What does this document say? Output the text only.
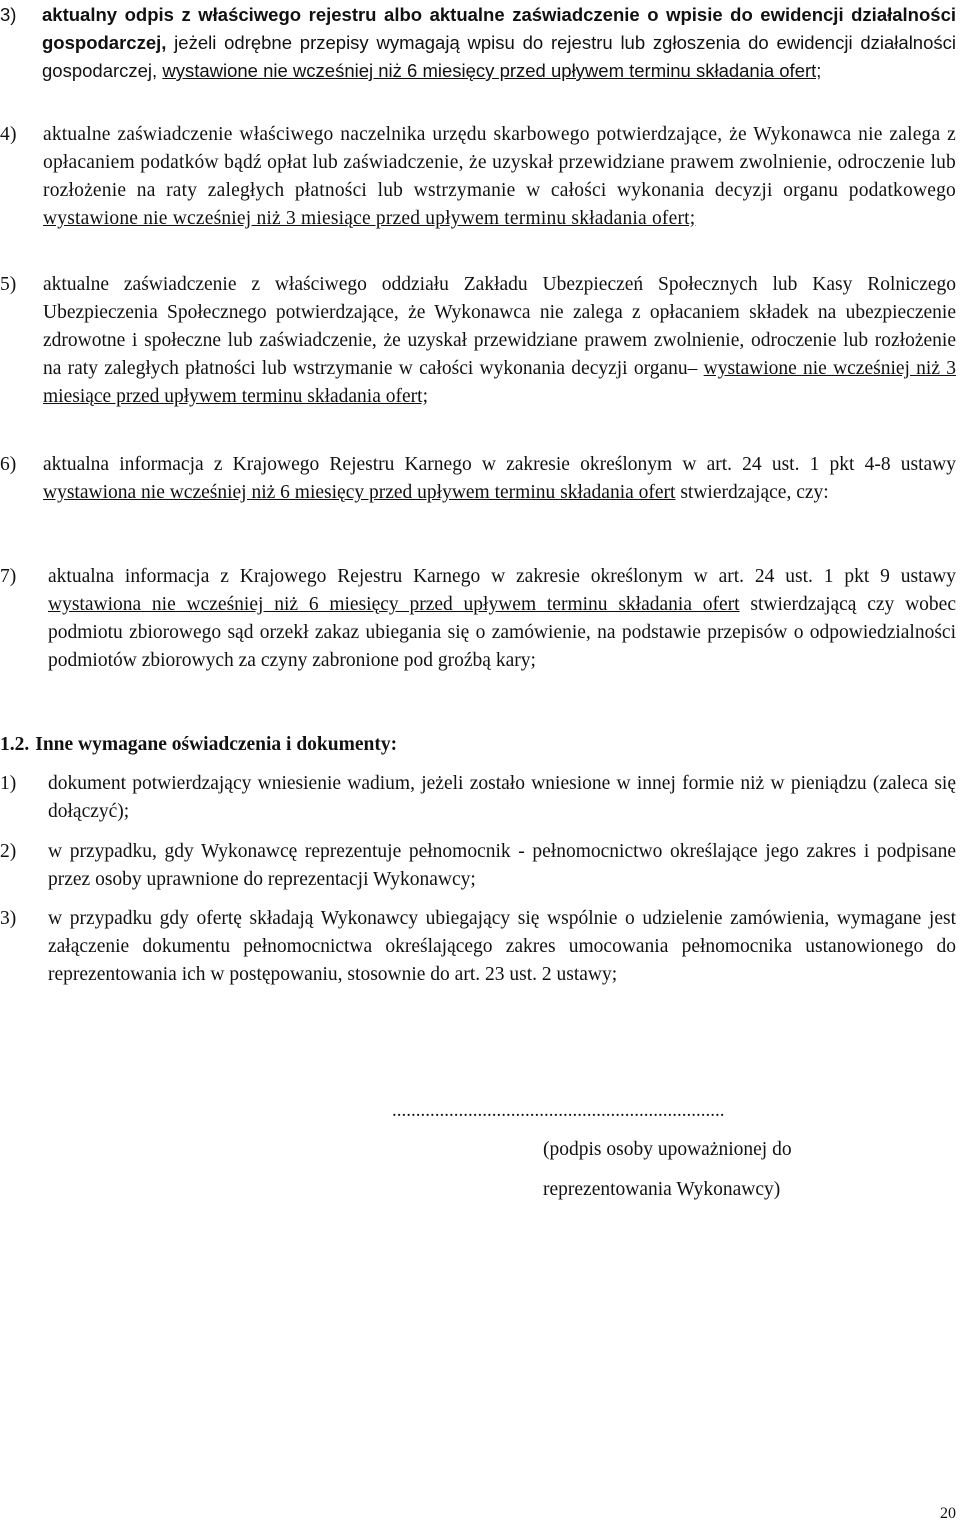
3) aktualny odpis z właściwego rejestru albo aktualne zaświadczenie o wpisie do ewidencji działalności gospodarczej, jeżeli odrębne przepisy wymagają wpisu do rejestru lub zgłoszenia do ewidencji działalności gospodarczej, wystawione nie wcześniej niż 6 miesięcy przed upływem terminu składania ofert;
4) aktualne zaświadczenie właściwego naczelnika urzędu skarbowego potwierdzające, że Wykonawca nie zalega z opłacaniem podatków bądź opłat lub zaświadczenie, że uzyskał przewidziane prawem zwolnienie, odroczenie lub rozłożenie na raty zaległych płatności lub wstrzymanie w całości wykonania decyzji organu podatkowego wystawione nie wcześniej niż 3 miesiące przed upływem terminu składania ofert;
5) aktualne zaświadczenie z właściwego oddziału Zakładu Ubezpieczeń Społecznych lub Kasy Rolniczego Ubezpieczenia Społecznego potwierdzające, że Wykonawca nie zalega z opłacaniem składek na ubezpieczenie zdrowotne i społeczne lub zaświadczenie, że uzyskał przewidziane prawem zwolnienie, odroczenie lub rozłożenie na raty zaległych płatności lub wstrzymanie w całości wykonania decyzji organu– wystawione nie wcześniej niż 3 miesiące przed upływem terminu składania ofert;
6) aktualna informacja z Krajowego Rejestru Karnego w zakresie określonym w art. 24 ust. 1 pkt 4-8 ustawy wystawiona nie wcześniej niż 6 miesięcy przed upływem terminu składania ofert stwierdzające, czy:
7) aktualna informacja z Krajowego Rejestru Karnego w zakresie określonym w art. 24 ust. 1 pkt 9 ustawy wystawiona nie wcześniej niż 6 miesięcy przed upływem terminu składania ofert stwierdzającą czy wobec podmiotu zbiorowego sąd orzekł zakaz ubiegania się o zamówienie, na podstawie przepisów o odpowiedzialności podmiotów zbiorowych za czyny zabronione pod groźbą kary;
1.2. Inne wymagane oświadczenia i dokumenty:
1) dokument potwierdzający wniesienie wadium, jeżeli zostało wniesione w innej formie niż w pieniądzu (zaleca się dołączyć);
2) w przypadku, gdy Wykonawcę reprezentuje pełnomocnik - pełnomocnictwo określające jego zakres i podpisane przez osoby uprawnione do reprezentacji Wykonawcy;
3) w przypadku gdy ofertę składają Wykonawcy ubiegający się wspólnie o udzielenie zamówienia, wymagane jest załączenie dokumentu pełnomocnictwa określającego zakres umocowania pełnomocnika ustanowionego do reprezentowania ich w postępowaniu, stosownie do art. 23 ust. 2 ustawy;
......................................................................
(podpis osoby upoważnionej do
reprezentowania Wykonawcy)
20
